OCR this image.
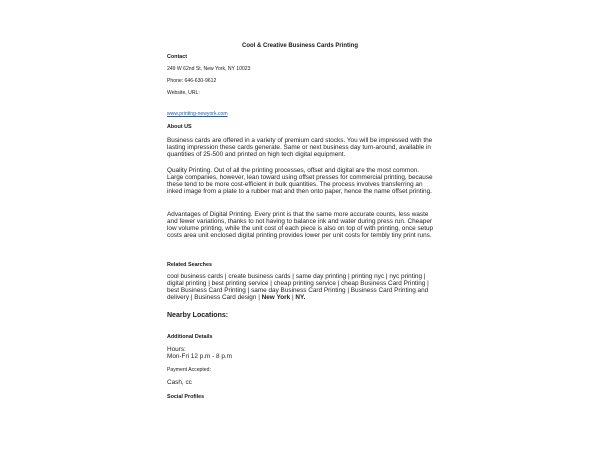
Cool & Creative Business Cards Printing

Contact

249 W 62nd St, New York, NY 10023

Phone: 646-630-9612

Website, URL:

www.printing-newyork.com

About US

Business cards are offered in a variety of premium card stocks. You will be impressed with the lasting impression these cards generate. Same or next business day turn-around, available in quantities of 25-500 and printed on high tech digital equipment.

Quality Printing. Out of all the printing processes, offset and digital are the most common. Large companies, however, lean toward using offset presses for commercial printing, because these tend to be more cost-efficient in bulk quantities. The process involves transferring an inked image from a plate to a rubber mat and then onto paper, hence the name offset printing.

Advantages of Digital Printing. Every print is that the same more accurate counts, less waste and fewer variations, thanks to not having to balance ink and water during press run. Cheaper low volume printing, while the unit cost of each piece is also on top of with printing, once setup costs area unit enclosed digital printing provides lower per unit costs for tembly tiny print runs.

Related Searches

cool business cards | create business cards | same day printing | printing nyc | nyc printing | digital printing | best printing service | cheap printing service | cheap Business Card Printing | best Business Card Printing | same day Business Card Printing | Business Card Printing and delivery | Business Card design | New York | NY.

Nearby Locations:

Additional Details

Hours:

Mon-Fri 12 p.m - 8 p.m

Payment Accepted:

Cash, cc

Social Profiles
